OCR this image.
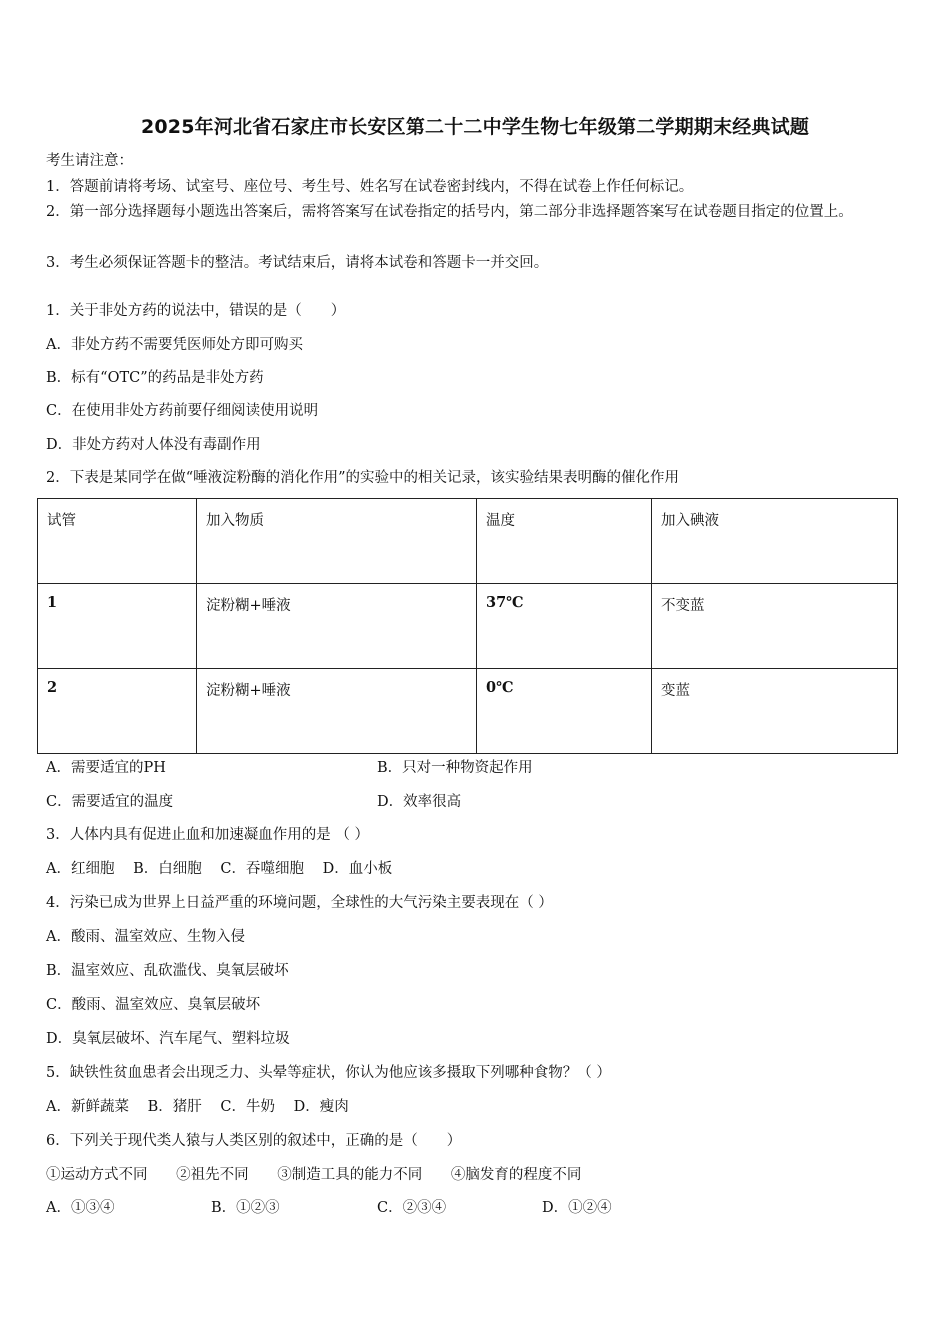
2025年河北省石家庄市长安区第二十二中学生物七年级第二学期期末经典试题
考生请注意：
1．答题前请将考场、试室号、座位号、考生号、姓名写在试卷密封线内，不得在试卷上作任何标记。
2．第一部分选择题每小题选出答案后，需将答案写在试卷指定的括号内，第二部分非选择题答案写在试卷题目指定的位置上。
3．考生必须保证答题卡的整洁。考试结束后，请将本试卷和答题卡一并交回。
1．关于非处方药的说法中，错误的是（　　）
A．非处方药不需要凭医师处方即可购买
B．标有“OTC”的药品是非处方药
C．在使用非处方药前要仔细阅读使用说明
D．非处方药对人体没有毒副作用
2．下表是某同学在做“唾液淀粉酶的消化作用”的实验中的相关记录，该实验结果表明酶的催化作用
试管	加入物质	温度	加入碘液
1	淀粉糊+唾液	37℃	不变蓝
2	淀粉糊+唾液	0℃	变蓝
A．需要适宜的PH	B．只对一种物资起作用
C．需要适宜的温度	D．效率很高
3．人体内具有促进止血和加速凝血作用的是 （ ）
A．红细胞 B．白细胞 C．吞噬细胞 D．血小板
4．污染已成为世界上日益严重的环境问题，全球性的大气污染主要表现在（ ）
A．酸雨、温室效应、生物入侵
B．温室效应、乱砍滥伐、臭氧层破坏
C．酸雨、温室效应、臭氧层破坏
D．臭氧层破坏、汽车尾气、塑料垃圾
5．缺铁性贫血患者会出现乏力、头晕等症状，你认为他应该多摄取下列哪种食物？（ ）
A．新鲜蔬菜 B．猪肝 C．牛奶 D．瘦肉
6．下列关于现代类人猿与人类区别的叙述中，正确的是（　　）
①运动方式不同 ②祖先不同 ③制造工具的能力不同 ④脑发育的程度不同
A．①③④	B．①②③	C．②③④	D．①②④
